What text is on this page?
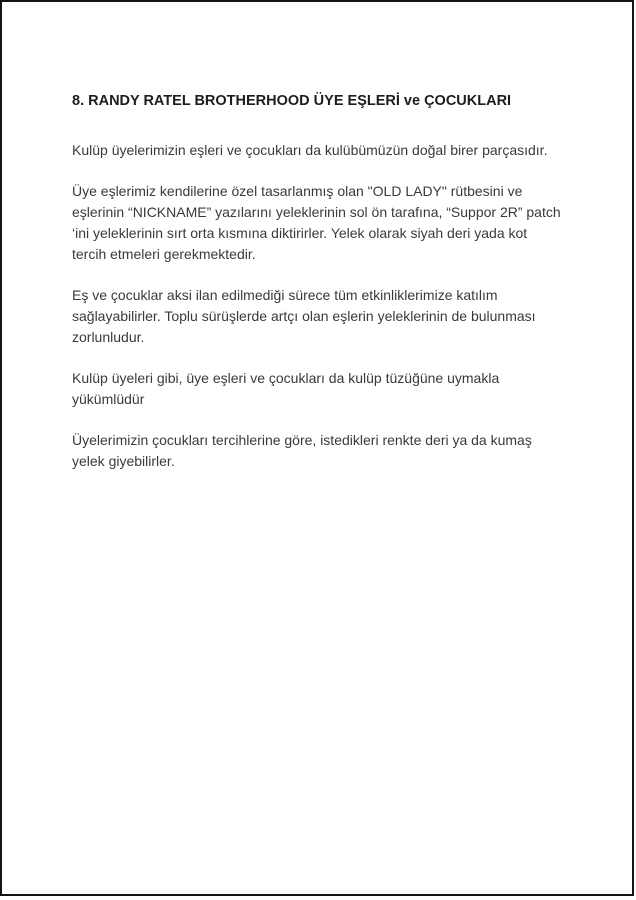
8. RANDY RATEL BROTHERHOOD ÜYE EŞLERİ ve ÇOCUKLARI

Kulüp üyelerimizin eşleri ve çocukları da kulübümüzün doğal birer parçasıdır.

Üye eşlerimiz kendilerine özel tasarlanmış olan "OLD LADY" rütbesini ve
eşlerinin “NICKNAME” yazılarını yeleklerinin sol ön tarafına, “Suppor 2R” patch
‘ini yeleklerinin sırt orta kısmına diktirirler. Yelek olarak siyah deri yada kot
tercih etmeleri gerekmektedir.

Eş ve çocuklar aksi ilan edilmediği sürece tüm etkinliklerimize katılım
sağlayabilirler. Toplu sürüşlerde artçı olan eşlerin yeleklerinin de bulunması
zorlunludur.

Kulüp üyeleri gibi, üye eşleri ve çocukları da kulüp tüzüğüne uymakla
yükümlüdür

Üyelerimizin çocukları tercihlerine göre, istedikleri renkte deri ya da kumaş
yelek giyebilirler.
